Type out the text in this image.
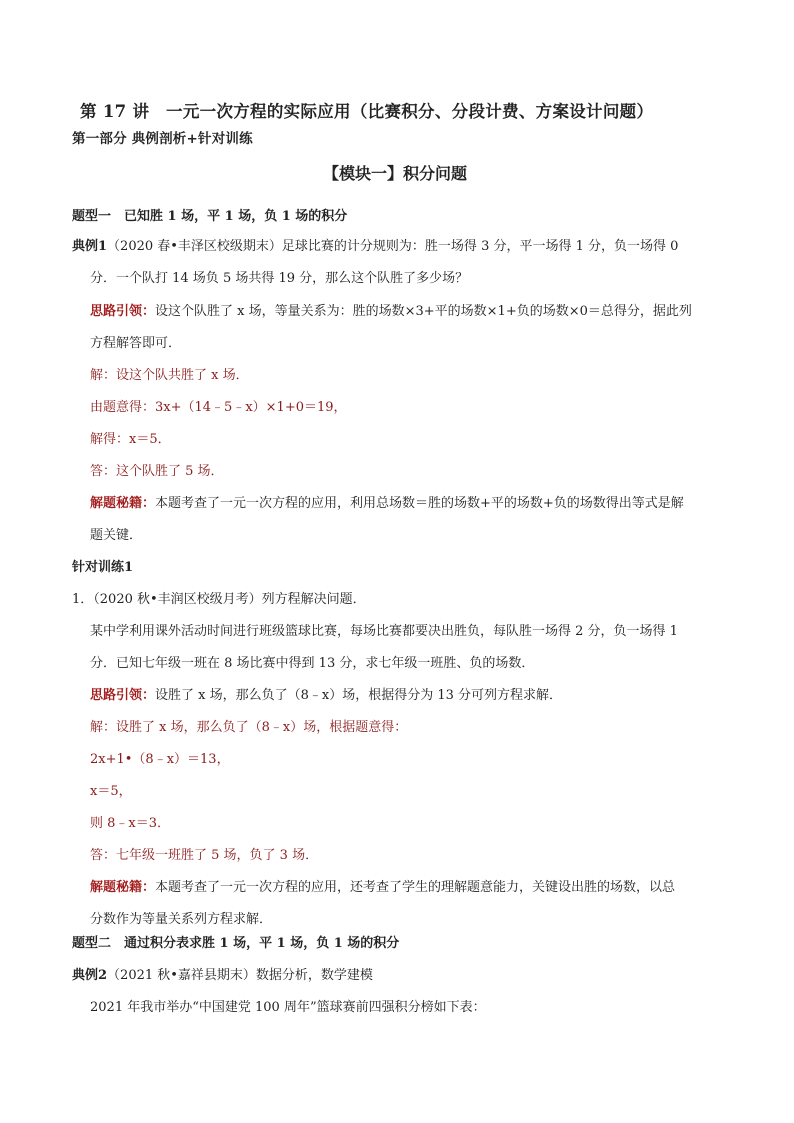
第 17 讲　一元一次方程的实际应用（比赛积分、分段计费、方案设计问题）
第一部分 典例剖析+针对训练
【模块一】积分问题
题型一　已知胜 1 场，平 1 场，负 1 场的积分
典例1（2020 春•丰泽区校级期末）足球比赛的计分规则为：胜一场得 3 分，平一场得 1 分，负一场得 0
分．一个队打 14 场负 5 场共得 19 分，那么这个队胜了多少场？
思路引领：设这个队胜了 x 场，等量关系为：胜的场数×3+平的场数×1+负的场数×0＝总得分，据此列
方程解答即可．
解：设这个队共胜了 x 场．
由题意得：3x+（14﹣5﹣x）×1+0＝19，
解得：x＝5．
答：这个队胜了 5 场．
解题秘籍：本题考查了一元一次方程的应用，利用总场数＝胜的场数+平的场数+负的场数得出等式是解
题关键．
针对训练1
1．（2020 秋•丰润区校级月考）列方程解决问题．
某中学利用课外活动时间进行班级篮球比赛，每场比赛都要决出胜负，每队胜一场得 2 分，负一场得 1
分．已知七年级一班在 8 场比赛中得到 13 分，求七年级一班胜、负的场数．
思路引领：设胜了 x 场，那么负了（8﹣x）场，根据得分为 13 分可列方程求解．
解：设胜了 x 场，那么负了（8﹣x）场，根据题意得：
2x+1•（8﹣x）＝13，
x＝5，
则 8﹣x＝3．
答：七年级一班胜了 5 场，负了 3 场．
解题秘籍：本题考查了一元一次方程的应用，还考查了学生的理解题意能力，关键设出胜的场数，以总
分数作为等量关系列方程求解．
题型二　通过积分表求胜 1 场，平 1 场，负 1 场的积分
典例2（2021 秋•嘉祥县期末）数据分析，数学建模
2021 年我市举办“中国建党 100 周年”篮球赛前四强积分榜如下表：
